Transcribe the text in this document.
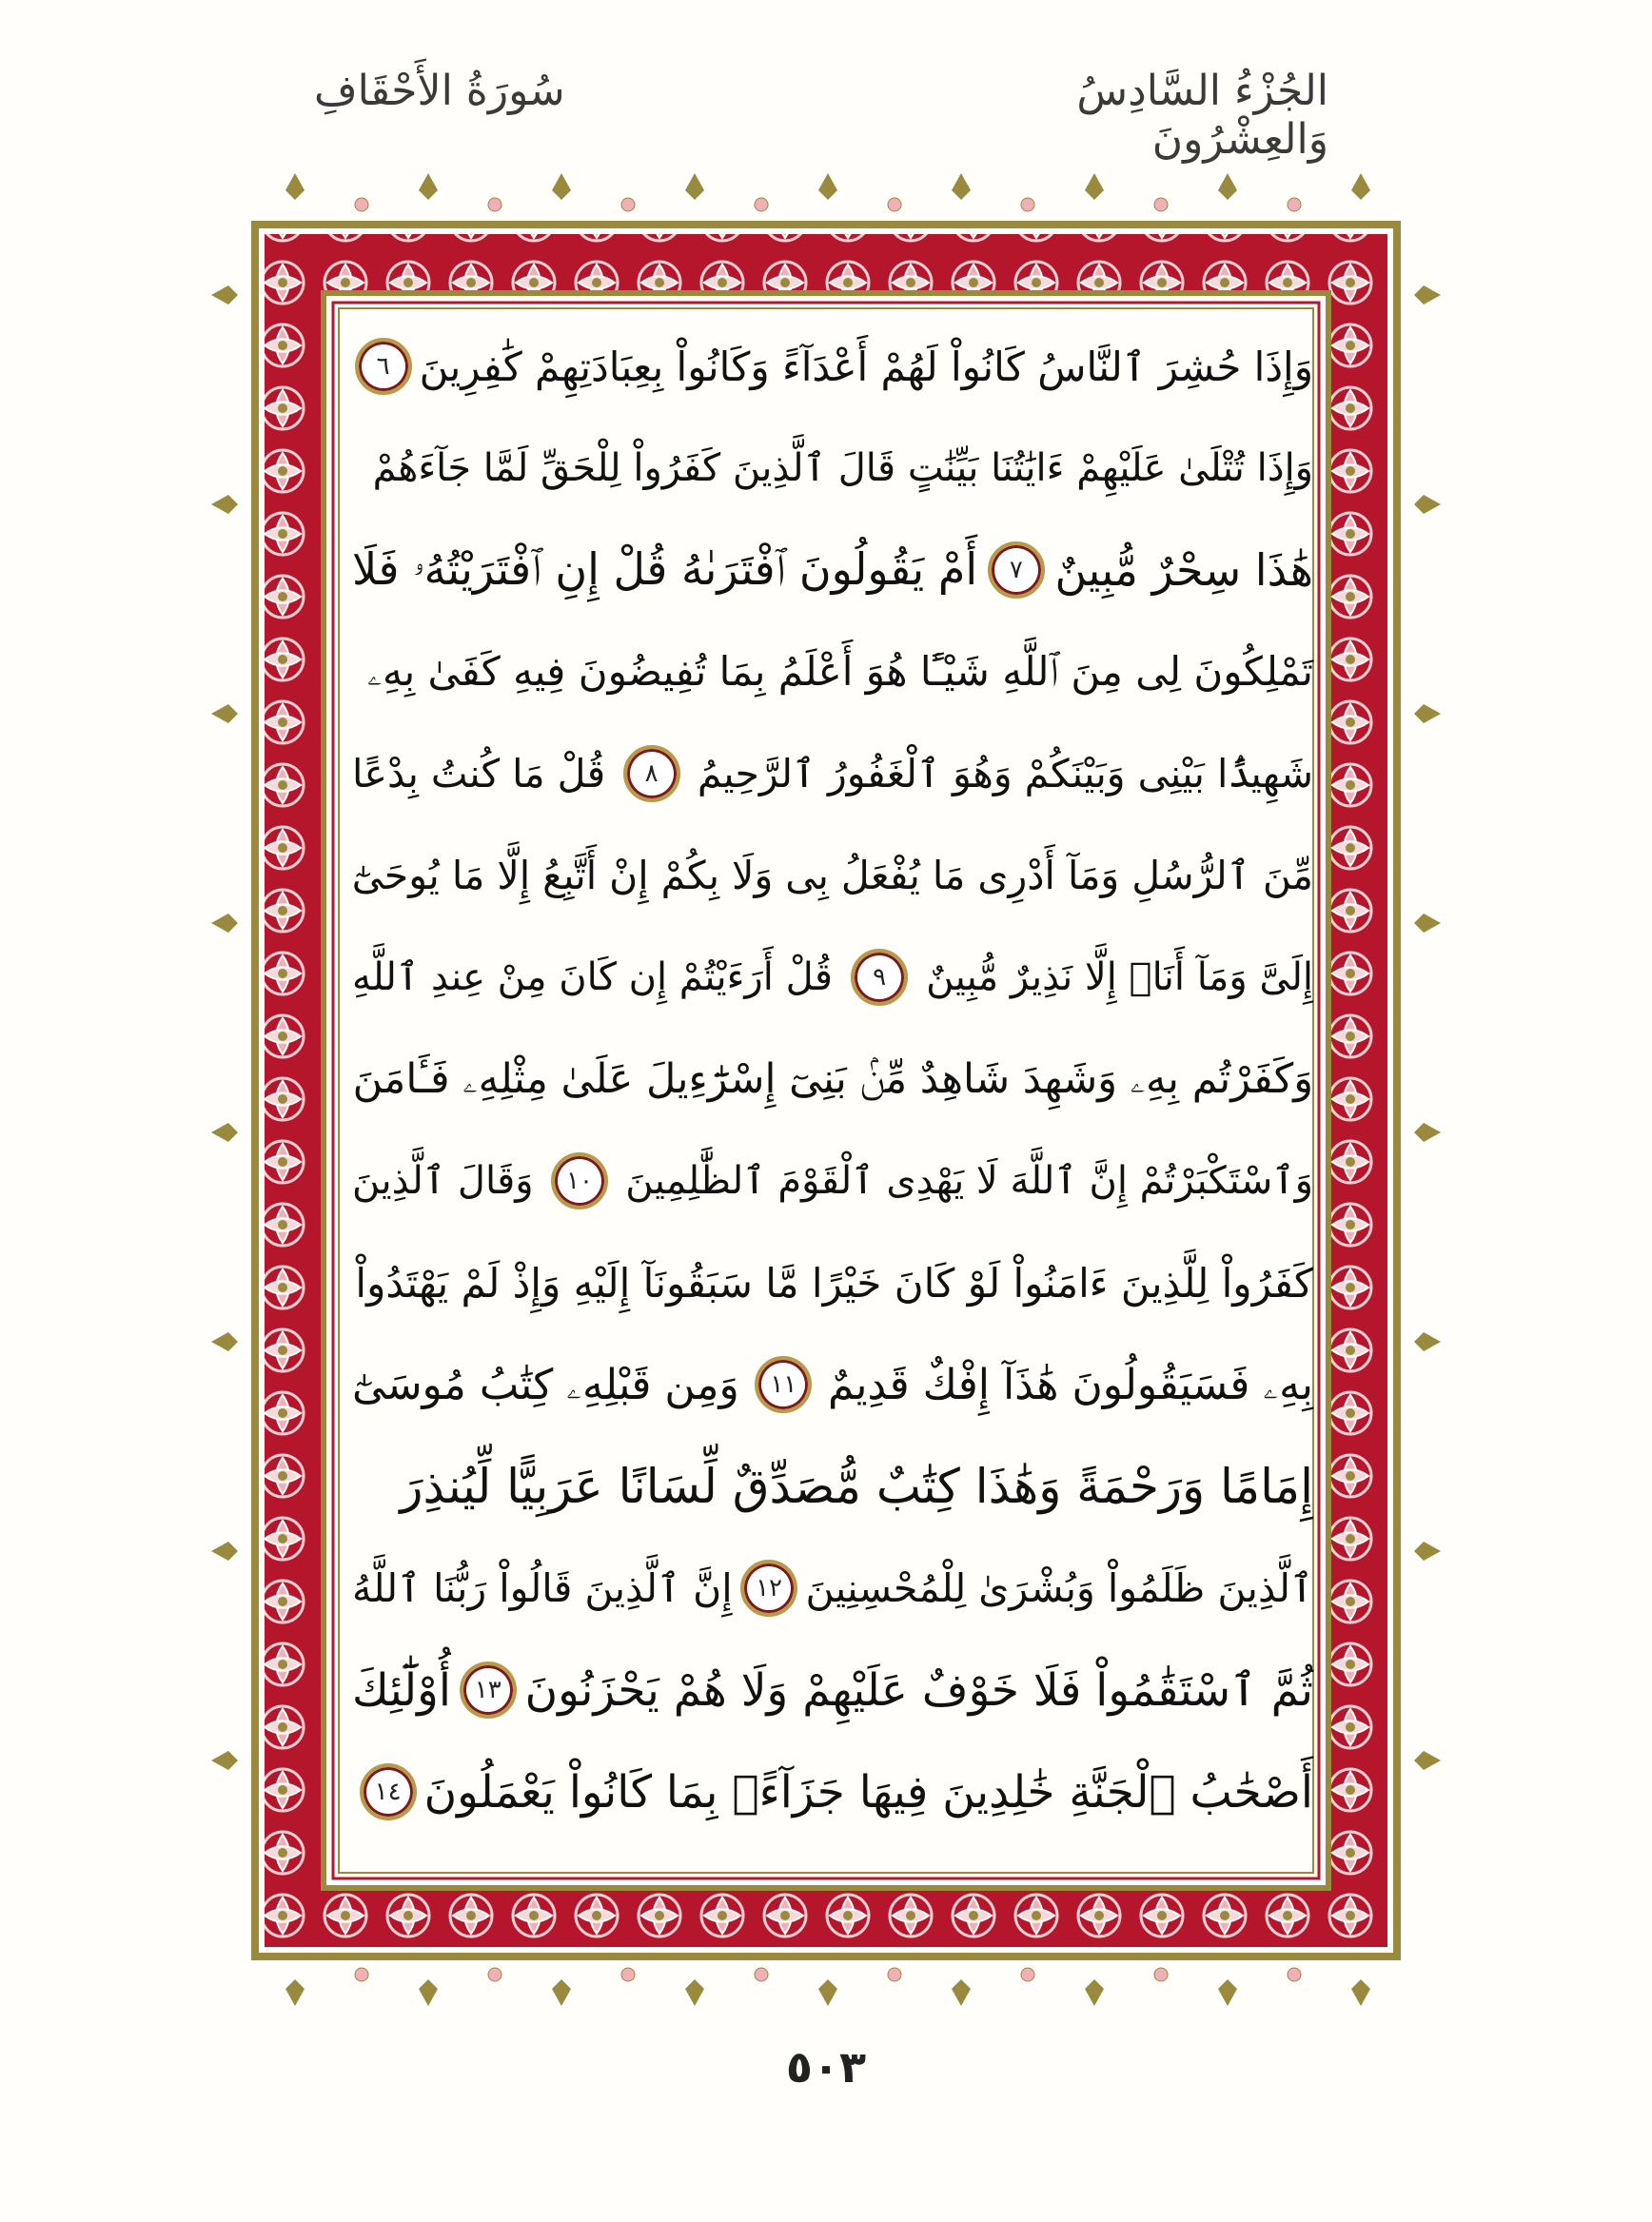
الجُزْءُ السَّادِسُ وَالعِشْرُونَ
سُورَةُ الأَحْقَافِ
وَإِذَا حُشِرَ ٱلنَّاسُ كَانُواْ لَهُمْ أَعْدَآءً وَكَانُواْ بِعِبَادَتِهِمْ كَٰفِرِينَ
٦
وَإِذَا تُتْلَىٰ عَلَيْهِمْ ءَايَٰتُنَا بَيِّنَٰتٍ قَالَ ٱلَّذِينَ كَفَرُواْ لِلْحَقِّ لَمَّا جَآءَهُمْ
هَٰذَا سِحْرٌ مُّبِينٌ
٧
أَمْ يَقُولُونَ ٱفْتَرَىٰهُ قُلْ إِنِ ٱفْتَرَيْتُهُۥ فَلَا
تَمْلِكُونَ لِى مِنَ ٱللَّهِ شَيْـًٔا هُوَ أَعْلَمُ بِمَا تُفِيضُونَ فِيهِ كَفَىٰ بِهِۦ
شَهِيدًۢا بَيْنِى وَبَيْنَكُمْ وَهُوَ ٱلْغَفُورُ ٱلرَّحِيمُ
٨
قُلْ مَا كُنتُ بِدْعًا
مِّنَ ٱلرُّسُلِ وَمَآ أَدْرِى مَا يُفْعَلُ بِى وَلَا بِكُمْ إِنْ أَتَّبِعُ إِلَّا مَا يُوحَىٰٓ
إِلَىَّ وَمَآ أَنَا۠ إِلَّا نَذِيرٌ مُّبِينٌ
٩
قُلْ أَرَءَيْتُمْ إِن كَانَ مِنْ عِندِ ٱللَّهِ
وَكَفَرْتُم بِهِۦ وَشَهِدَ شَاهِدٌ مِّنۢ بَنِىٓ إِسْرَٰٓءِيلَ عَلَىٰ مِثْلِهِۦ فَـَٔامَنَ
وَٱسْتَكْبَرْتُمْ إِنَّ ٱللَّهَ لَا يَهْدِى ٱلْقَوْمَ ٱلظَّٰلِمِينَ
١٠
وَقَالَ ٱلَّذِينَ
كَفَرُواْ لِلَّذِينَ ءَامَنُواْ لَوْ كَانَ خَيْرًا مَّا سَبَقُونَآ إِلَيْهِ وَإِذْ لَمْ يَهْتَدُواْ
بِهِۦ فَسَيَقُولُونَ هَٰذَآ إِفْكٌ قَدِيمٌ
١١
وَمِن قَبْلِهِۦ كِتَٰبُ مُوسَىٰٓ
إِمَامًا وَرَحْمَةً وَهَٰذَا كِتَٰبٌ مُّصَدِّقٌ لِّسَانًا عَرَبِيًّا لِّيُنذِرَ
ٱلَّذِينَ ظَلَمُواْ وَبُشْرَىٰ لِلْمُحْسِنِينَ
١٢
إِنَّ ٱلَّذِينَ قَالُواْ رَبُّنَا ٱللَّهُ
ثُمَّ ٱسْتَقَٰمُواْ فَلَا خَوْفٌ عَلَيْهِمْ وَلَا هُمْ يَحْزَنُونَ
١٣
أُوْلَٰٓئِكَ
أَصْحَٰبُ ٱلْجَنَّةِ خَٰلِدِينَ فِيهَا جَزَآءًۢ بِمَا كَانُواْ يَعْمَلُونَ
١٤
٥٠٣
